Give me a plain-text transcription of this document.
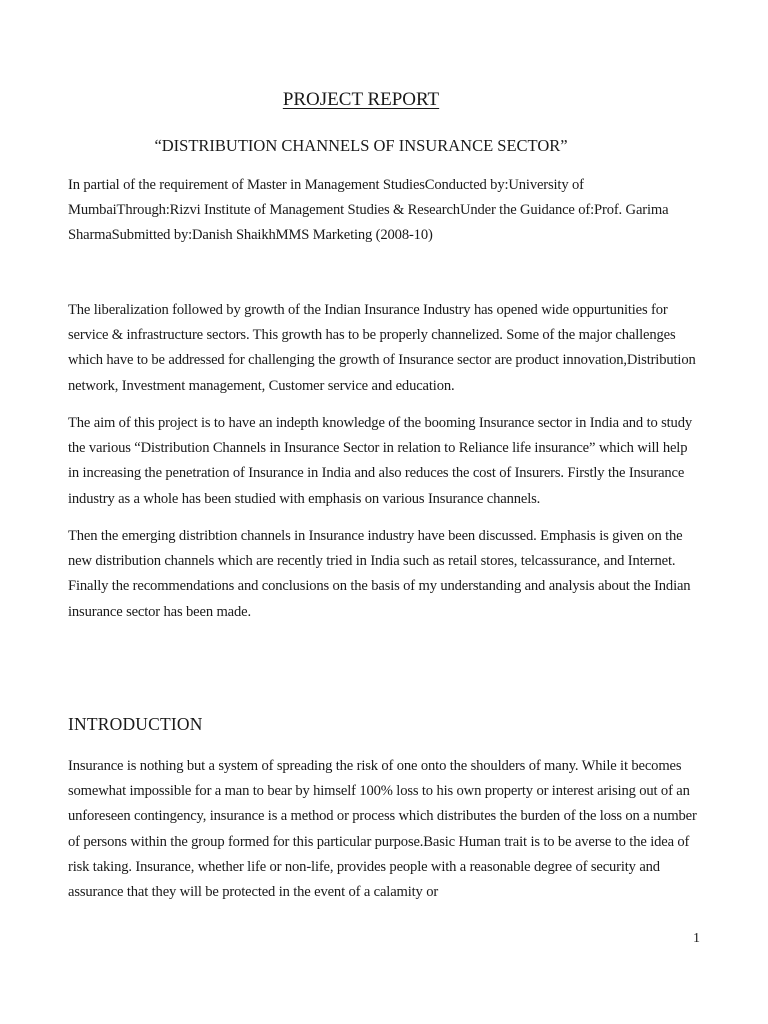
PROJECT REPORT
“DISTRIBUTION CHANNELS OF INSURANCE SECTOR”

In partial of the requirement of Master in Management StudiesConducted by:University of MumbaiThrough:Rizvi Institute of Management Studies & ResearchUnder the Guidance of:Prof. Garima SharmaSubmitted by:Danish ShaikhMMS Marketing (2008-10)

The liberalization followed by growth of the Indian Insurance Industry has opened wide oppurtunities for service & infrastructure sectors. This growth has to be properly channelized. Some of the major challenges which have to be addressed for challenging the growth of Insurance sector are product innovation,Distribution network, Investment management, Customer service and education.

The aim of this project is to have an indepth knowledge of the booming Insurance sector in India and to study the various “Distribution Channels in Insurance Sector in relation to Reliance life insurance” which will help in increasing the penetration of Insurance in India and also reduces the cost of Insurers. Firstly the Insurance industry as a whole has been studied with emphasis on various Insurance channels.

Then the emerging distribtion channels in Insurance industry have been discussed. Emphasis is given on the new distribution channels which are recently tried in India such as retail stores, telcassurance, and Internet. Finally the recommendations and conclusions on the basis of my understanding and analysis about the Indian insurance sector has been made.

INTRODUCTION

Insurance is nothing but a system of spreading the risk of one onto the shoulders of many. While it becomes somewhat impossible for a man to bear by himself 100% loss to his own property or interest arising out of an unforeseen contingency, insurance is a method or process which distributes the burden of the loss on a number of persons within the group formed for this particular purpose.Basic Human trait is to be averse to the idea of risk taking. Insurance, whether life or non-life, provides people with a reasonable degree of security and assurance that they will be protected in the event of a calamity or

1
